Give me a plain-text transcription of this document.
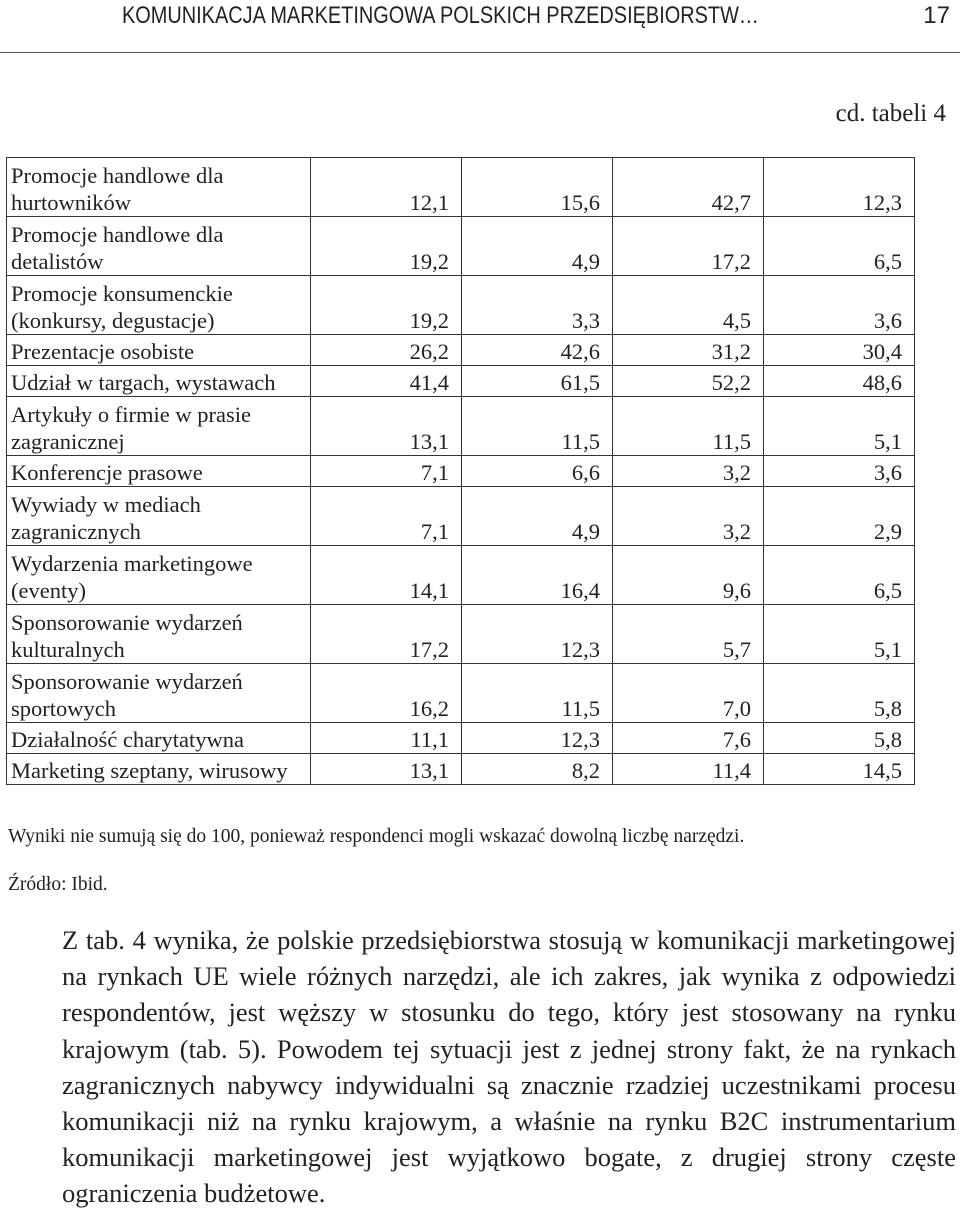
KOMUNIKACJA MARKETINGOWA POLSKICH PRZEDSIĘBIORSTW…	17
cd. tabeli 4
Promocje handlowe dla hurtowników	12,1	15,6	42,7	12,3
Promocje handlowe dla detalistów	19,2	4,9	17,2	6,5
Promocje konsumenckie (konkursy, degustacje)	19,2	3,3	4,5	3,6
Prezentacje osobiste	26,2	42,6	31,2	30,4
Udział w targach, wystawach	41,4	61,5	52,2	48,6
Artykuły o firmie w prasie zagranicznej	13,1	11,5	11,5	5,1
Konferencje prasowe	7,1	6,6	3,2	3,6
Wywiady w mediach zagranicznych	7,1	4,9	3,2	2,9
Wydarzenia marketingowe (eventy)	14,1	16,4	9,6	6,5
Sponsorowanie wydarzeń kulturalnych	17,2	12,3	5,7	5,1
Sponsorowanie wydarzeń sportowych	16,2	11,5	7,0	5,8
Działalność charytatywna	11,1	12,3	7,6	5,8
Marketing szeptany, wirusowy	13,1	8,2	11,4	14,5
Wyniki nie sumują się do 100, ponieważ respondenci mogli wskazać dowolną liczbę narzędzi.
Źródło: Ibid.

Z tab. 4 wynika, że polskie przedsiębiorstwa stosują w komunikacji marketingowej na rynkach UE wiele różnych narzędzi, ale ich zakres, jak wynika z odpowiedzi respondentów, jest węższy w stosunku do tego, który jest stosowany na rynku krajowym (tab. 5). Powodem tej sytuacji jest z jednej strony fakt, że na rynkach zagranicznych nabywcy indywidualni są znacznie rzadziej uczestnikami procesu komunikacji niż na rynku krajowym, a właśnie na rynku B2C instrumentarium komunikacji marketingowej jest wyjątkowo bogate, z drugiej strony częste ograniczenia budżetowe.
